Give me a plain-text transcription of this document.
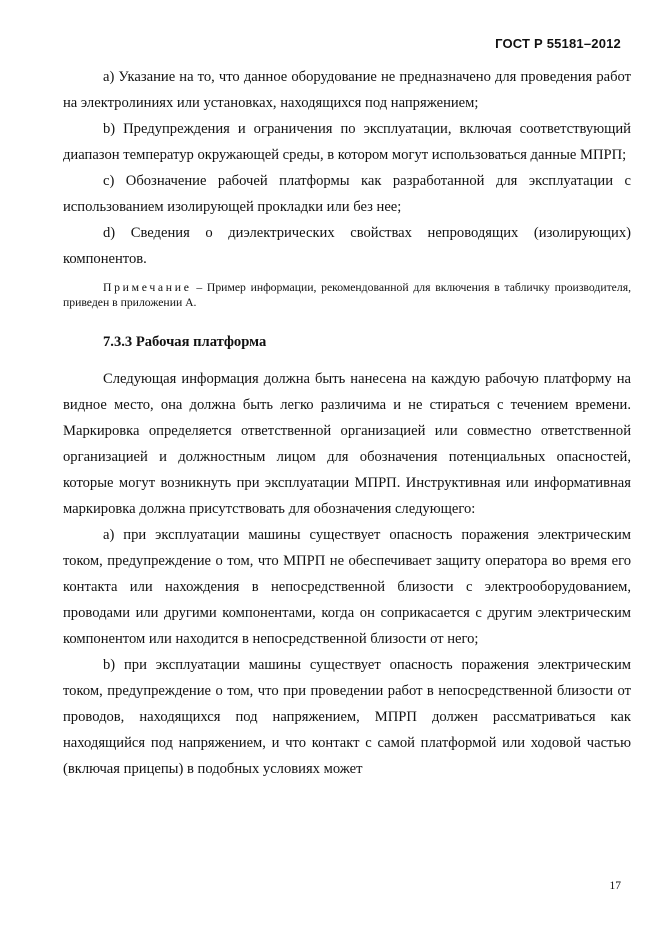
ГОСТ Р 55181–2012

a) Указание на то, что данное оборудование не предназначено для проведения работ на электролиниях или установках, находящихся под напряжением;

b) Предупреждения и ограничения по эксплуатации, включая соответствующий диапазон температур окружающей среды, в котором могут использоваться данные МПРП;

c) Обозначение рабочей платформы как разработанной для эксплуатации с использованием изолирующей прокладки или без нее;

d) Сведения о диэлектрических свойствах непроводящих (изолирующих) компонентов.

Примечание – Пример информации, рекомендованной для включения в табличку производителя, приведен в приложении А.

7.3.3 Рабочая платформа

Следующая информация должна быть нанесена на каждую рабочую платформу на видное место, она должна быть легко различима и не стираться с течением времени. Маркировка определяется ответственной организацией или совместно ответственной организацией и должностным лицом для обозначения потенциальных опасностей, которые могут возникнуть при эксплуатации МПРП. Инструктивная или информативная маркировка должна присутствовать для обозначения следующего:

a) при эксплуатации машины существует опасность поражения электрическим током, предупреждение о том, что МПРП не обеспечивает защиту оператора во время его контакта или нахождения в непосредственной близости с электрооборудованием, проводами или другими компонентами, когда он соприкасается с другим электрическим компонентом или находится в непосредственной близости от него;

b) при эксплуатации машины существует опасность поражения электрическим током, предупреждение о том, что при проведении работ в непосредственной близости от проводов, находящихся под напряжением, МПРП должен рассматриваться как находящийся под напряжением, и что контакт с самой платформой или ходовой частью (включая прицепы) в подобных условиях может

17
